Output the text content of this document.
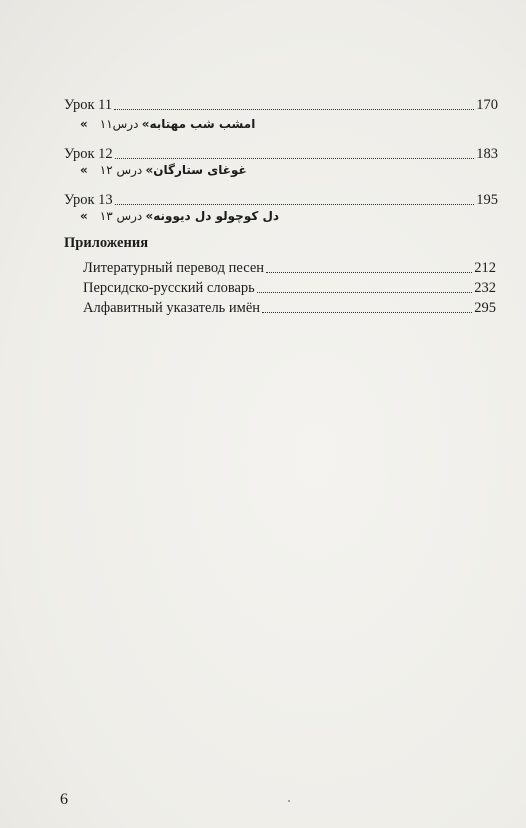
Урок 11	170
«امشب شب مهتابه» درس۱۱
Урок 12	183
«غوغای ستارگان» درس ۱۲
Урок 13	195
«دل کوچولو دل دیوونه» درس ۱۳
Приложения
Литературный перевод песен	212
Персидско-русский словарь	232
Алфавитный указатель имён	295
6
